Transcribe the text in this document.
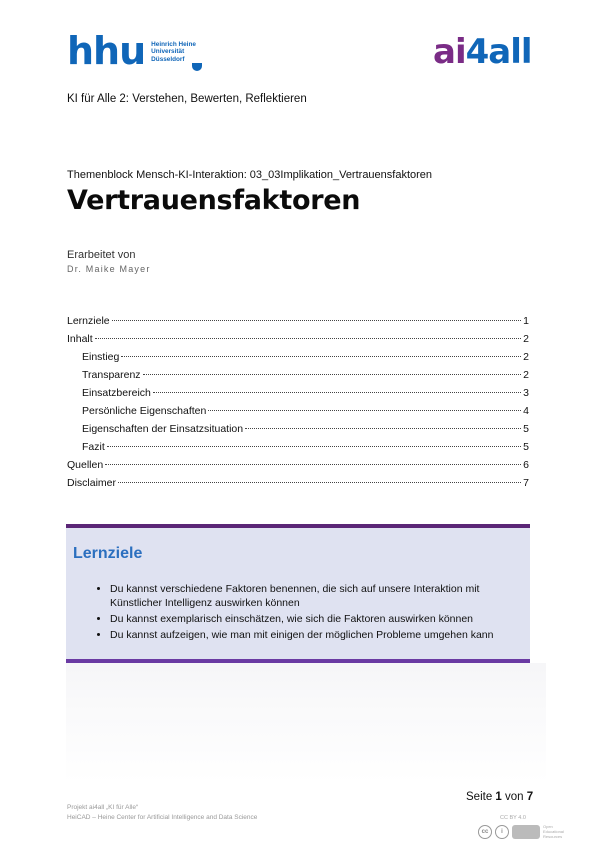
hhu Heinrich Heine
Universität
Düsseldorf	ai4all
KI für Alle 2: Verstehen, Bewerten, Reflektieren
Themenblock Mensch-KI-Interaktion: 03_03Implikation_Vertrauensfaktoren
Vertrauensfaktoren
Erarbeitet von
Dr. Maike Mayer
Lernziele	1
Inhalt	2
Einstieg	2
Transparenz	2
Einsatzbereich	3
Persönliche Eigenschaften	4
Eigenschaften der Einsatzsituation	5
Fazit	5
Quellen	6
Disclaimer	7
Lernziele
• Du kannst verschiedene Faktoren benennen, die sich auf unsere Interaktion mit Künstlicher Intelligenz auswirken können
• Du kannst exemplarisch einschätzen, wie sich die Faktoren auswirken können
• Du kannst aufzeigen, wie man mit einigen der möglichen Probleme umgehen kann
Seite 1 von 7
Projekt ai4all „KI für Alle“
HeiCAD – Heine Center for Artificial Intelligence and Data Science	CC BY 4.0
cc	i
Open Educational Resources
